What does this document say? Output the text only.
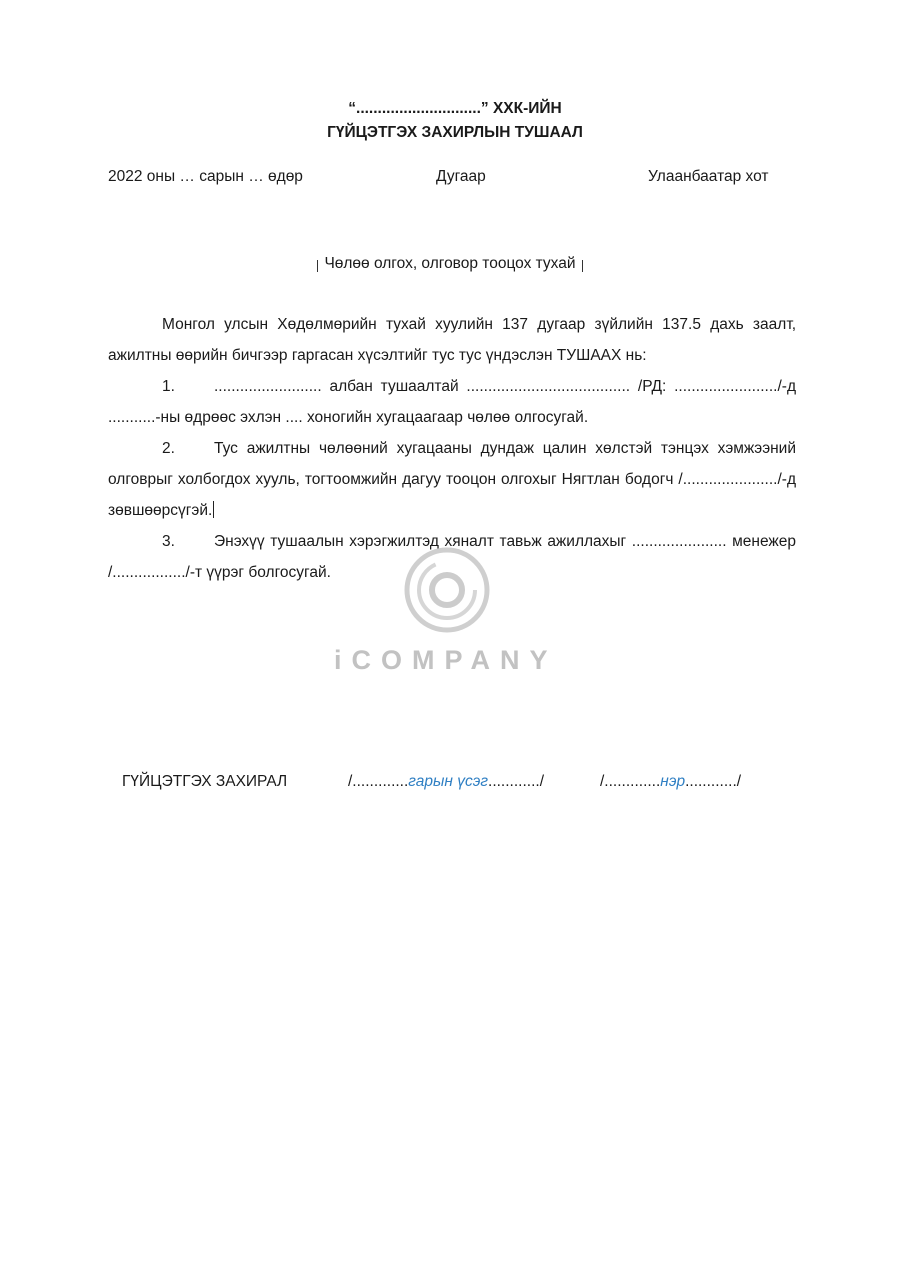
“.............................” ХХК-ИЙН
ГҮЙЦЭТГЭХ ЗАХИРЛЫН ТУШААЛ
2022 оны … сарын … өдөр	Дугаар	Улаанбаатар хот
Чөлөө олгох, олговор тооцох тухай

Монгол улсын Хөдөлмөрийн тухай хуулийн 137 дугаар зүйлийн 137.5 дахь заалт, ажилтны өөрийн бичгээр гаргасан хүсэлтийг тус тус үндэслэн ТУШААХ нь:

1.	......................... албан тушаалтай ...................................... /РД: ......................../-д ...........-ны өдрөөс эхлэн .... хоногийн хугацаагаар чөлөө олгосугай.

2.	Тус ажилтны чөлөөний хугацааны дундаж цалин хөлстэй тэнцэх хэмжээний олговрыг холбогдох хууль, тогтоомжийн дагуу тооцон олгохыг Нягтлан бодогч /....................../-д зөвшөөрсүгэй.

3.	Энэхүү тушаалын хэрэгжилтэд хяналт тавьж ажиллахыг ...................... менежер /................./-т үүрэг болгосугай.

iCOMPANY
ГҮЙЦЭТГЭХ ЗАХИРАЛ	/.............гарын үсэг............/	/.............нэр............/
